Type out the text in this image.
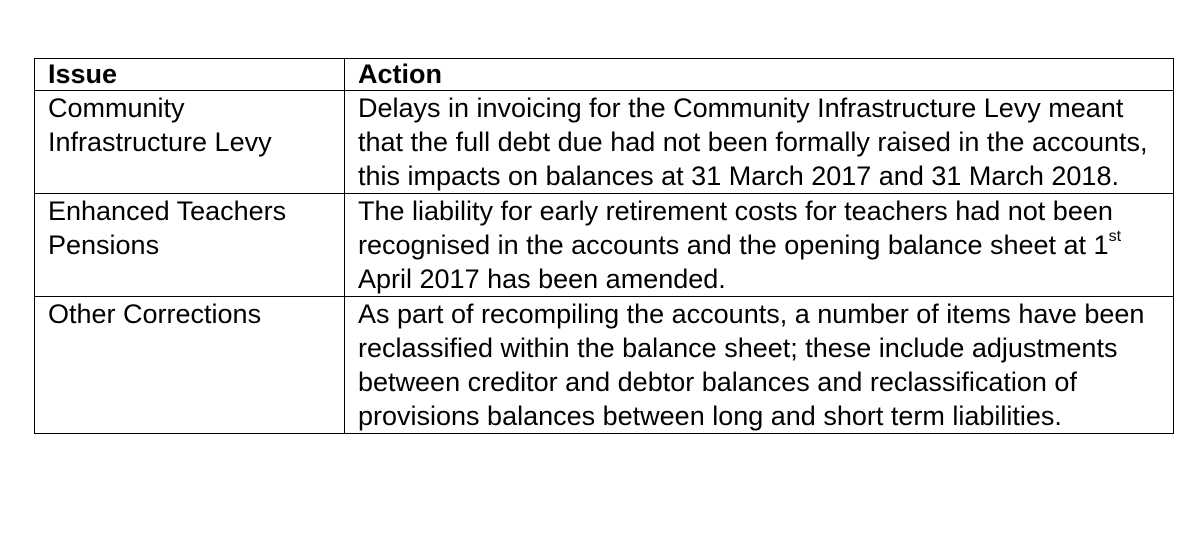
Issue	Action
Community Infrastructure Levy	Delays in invoicing for the Community Infrastructure Levy meant that the full debt due had not been formally raised in the accounts, this impacts on balances at 31 March 2017 and 31 March 2018.
Enhanced Teachers Pensions	The liability for early retirement costs for teachers had not been recognised in the accounts and the opening balance sheet at 1st April 2017 has been amended.
Other Corrections	As part of recompiling the accounts, a number of items have been reclassified within the balance sheet; these include adjustments between creditor and debtor balances and reclassification of provisions balances between long and short term liabilities.
